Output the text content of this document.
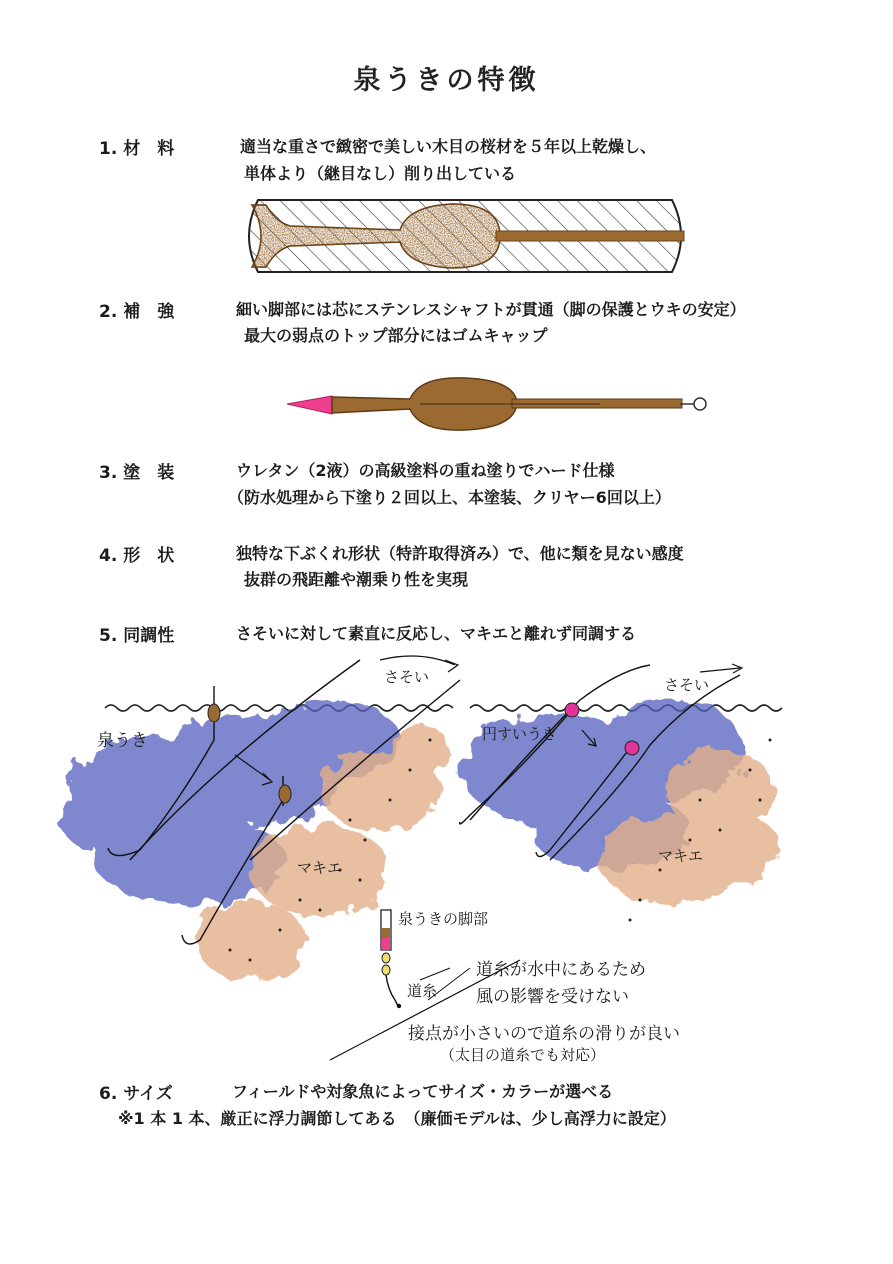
泉うきの特徴
1. 材　料	適当な重さで緻密で美しい木目の桜材を５年以上乾燥し、
単体より（継目なし）削り出している
2. 補　強	細い脚部には芯にステンレスシャフトが貫通（脚の保護とウキの安定）
最大の弱点のトップ部分にはゴムキャップ
3. 塗　装	ウレタン（2液）の高級塗料の重ね塗りでハード仕様
（防水処理から下塗り２回以上、本塗装、クリヤー6回以上）
4. 形　状	独特な下ぶくれ形状（特許取得済み）で、他に類を見ない感度
抜群の飛距離や潮乗り性を実現
5. 同調性	さそいに対して素直に反応し、マキエと離れず同調する
6. サイズ	フィールドや対象魚によってサイズ・カラーが選べる
※1 本 1 本、厳正に浮力調節してある　（廉価モデルは、少し高浮力に設定）
泉うき	円すいうき
さそい	さそい
マキエ
マキエ
泉うきの脚部
道糸
道糸が水中にあるため
風の影響を受けない
接点が小さいので道糸の滑りが良い
（太目の道糸でも対応）
